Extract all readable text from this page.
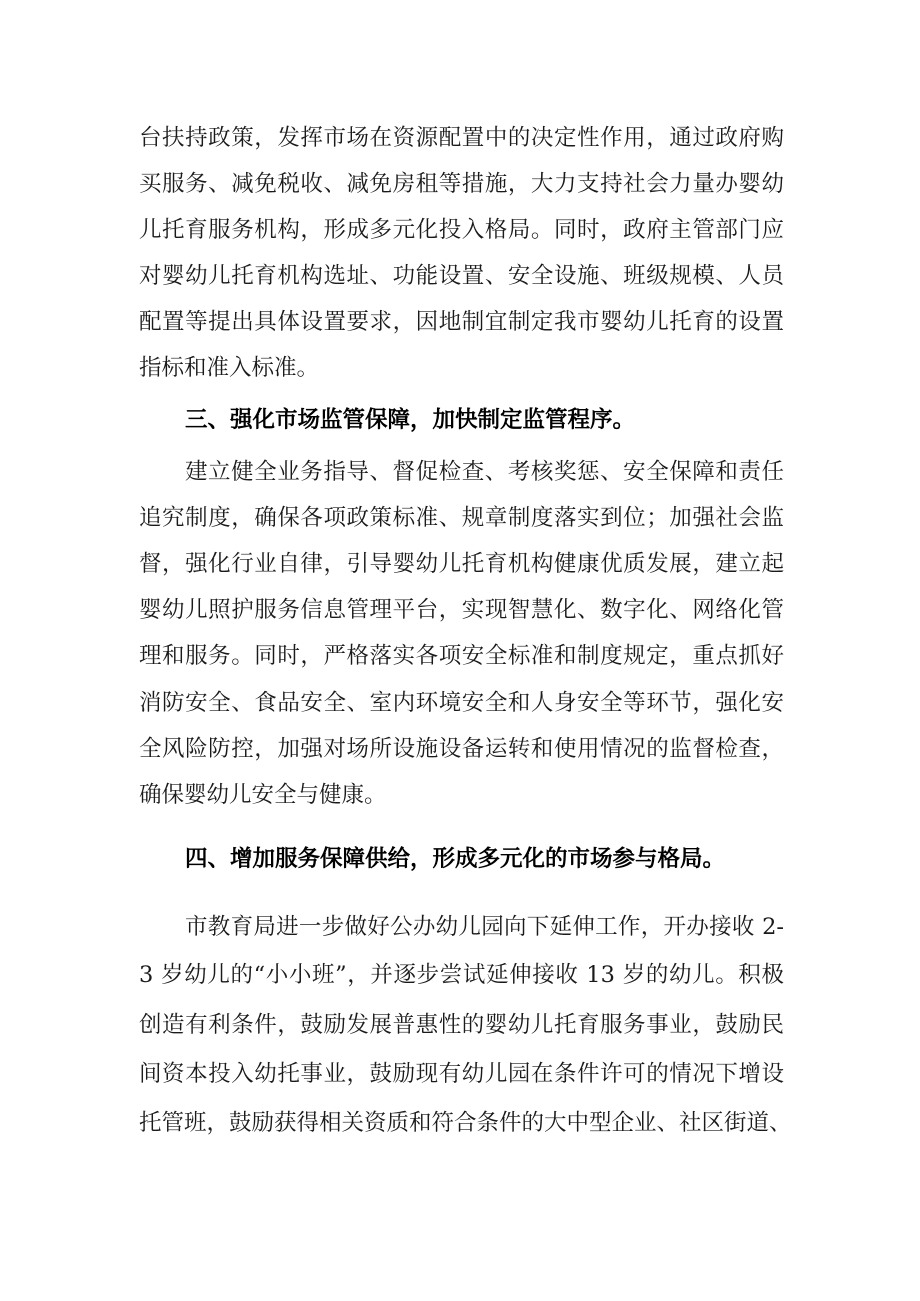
台扶持政策，发挥市场在资源配置中的决定性作用，通过政府购
买服务、减免税收、减免房租等措施，大力支持社会力量办婴幼
儿托育服务机构，形成多元化投入格局。同时，政府主管部门应
对婴幼儿托育机构选址、功能设置、安全设施、班级规模、人员
配置等提出具体设置要求，因地制宜制定我市婴幼儿托育的设置
指标和准入标准。
三、强化市场监管保障，加快制定监管程序。
建立健全业务指导、督促检查、考核奖惩、安全保障和责任
追究制度，确保各项政策标准、规章制度落实到位；加强社会监
督，强化行业自律，引导婴幼儿托育机构健康优质发展，建立起
婴幼儿照护服务信息管理平台，实现智慧化、数字化、网络化管
理和服务。同时，严格落实各项安全标准和制度规定，重点抓好
消防安全、食品安全、室内环境安全和人身安全等环节，强化安
全风险防控，加强对场所设施设备运转和使用情况的监督检查，
确保婴幼儿安全与健康。
四、增加服务保障供给，形成多元化的市场参与格局。
市教育局进一步做好公办幼儿园向下延伸工作，开办接收 2-
3 岁幼儿的“小小班”，并逐步尝试延伸接收 13 岁的幼儿。积极
创造有利条件，鼓励发展普惠性的婴幼儿托育服务事业，鼓励民
间资本投入幼托事业，鼓励现有幼儿园在条件许可的情况下增设
托管班，鼓励获得相关资质和符合条件的大中型企业、社区街道、
